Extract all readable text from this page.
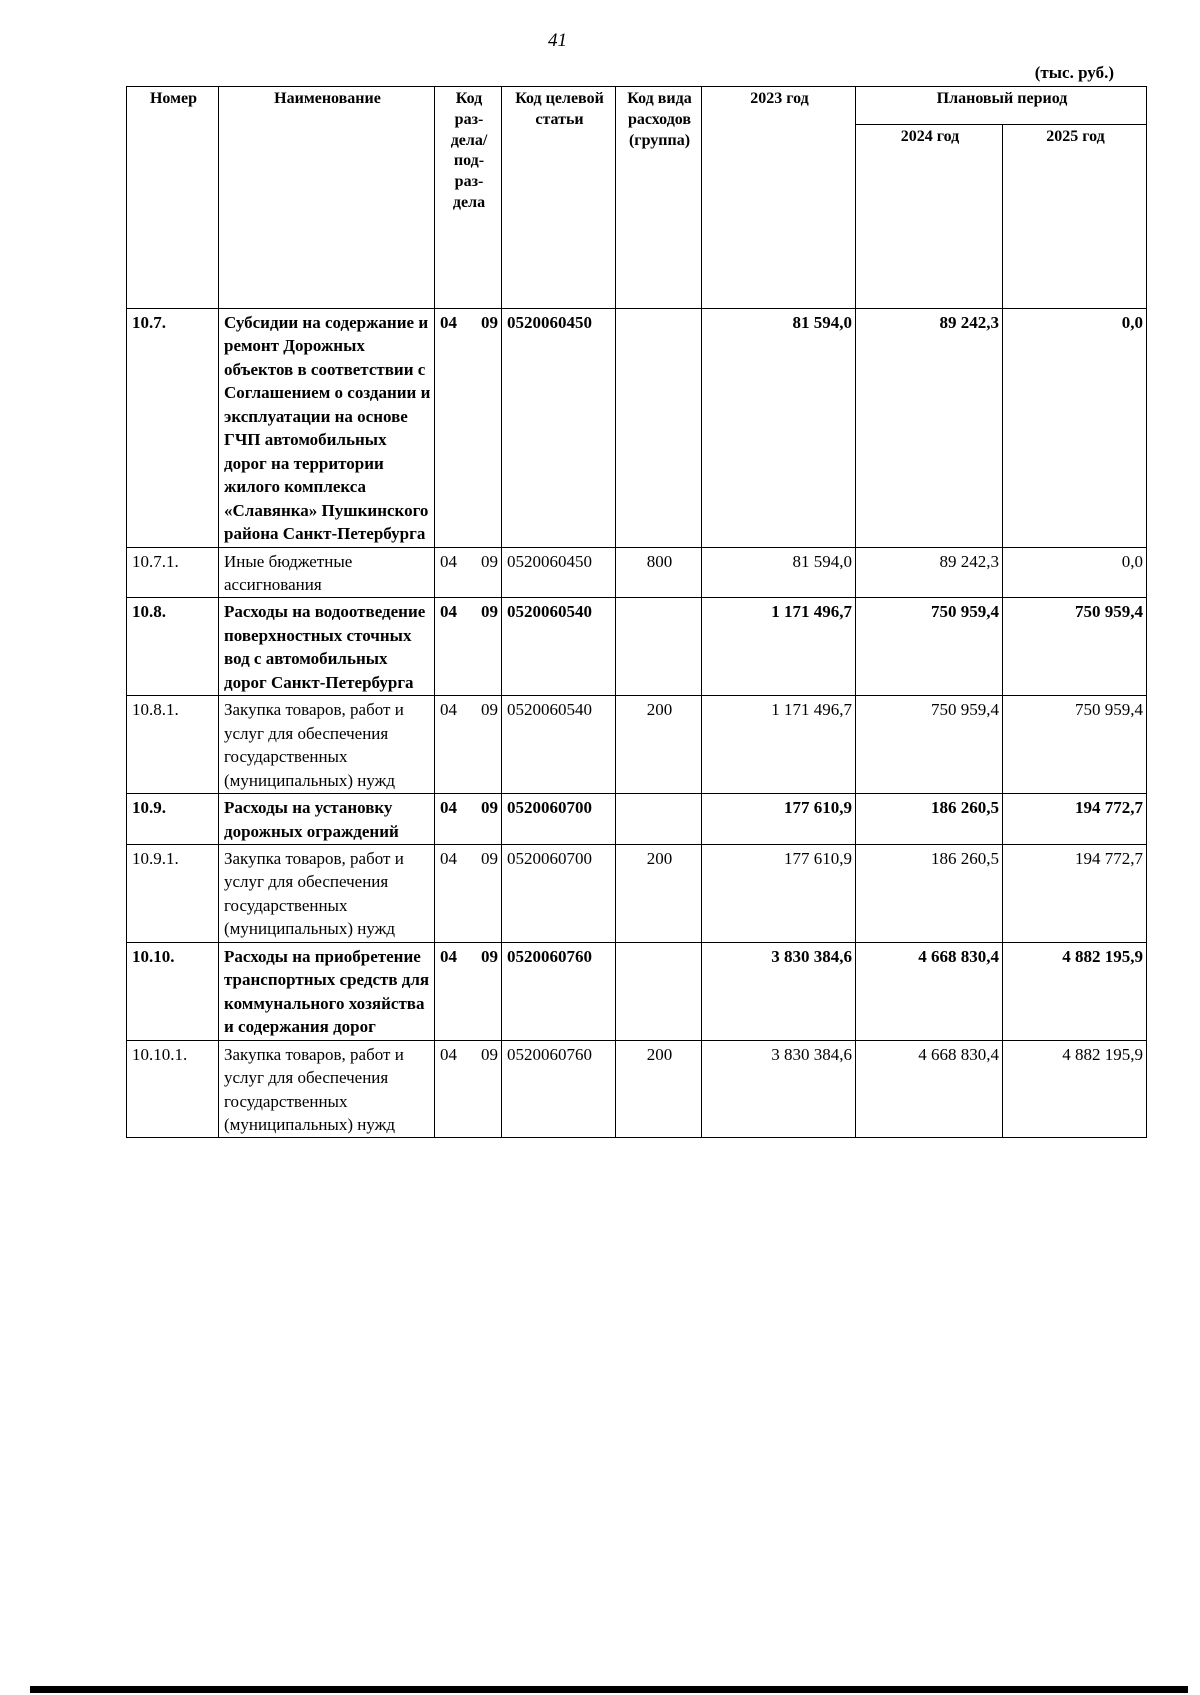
41
(тыс. руб.)
Номер	Наименование	Код раз-дела/ под-раз-дела	Код целевой статьи	Код вида расходов (группа)	2023 год	Плановый период	
						2024 год	2025 год
10.7.	Субсидии на содержание и ремонт Дорожных объектов в соответствии с Соглашением о создании и эксплуатации на основе ГЧП автомобильных дорог на территории жилого комплекса «Славянка» Пушкинского района Санкт-Петербурга	04 09	0520060450		81 594,0	89 242,3	0,0
10.7.1.	Иные бюджетные ассигнования	04 09	0520060450	800	81 594,0	89 242,3	0,0
10.8.	Расходы на водоотведение поверхностных сточных вод с автомобильных дорог Санкт-Петербурга	04 09	0520060540		1 171 496,7	750 959,4	750 959,4
10.8.1.	Закупка товаров, работ и услуг для обеспечения государственных (муниципальных) нужд	04 09	0520060540	200	1 171 496,7	750 959,4	750 959,4
10.9.	Расходы на установку дорожных ограждений	04 09	0520060700		177 610,9	186 260,5	194 772,7
10.9.1.	Закупка товаров, работ и услуг для обеспечения государственных (муниципальных) нужд	04 09	0520060700	200	177 610,9	186 260,5	194 772,7
10.10.	Расходы на приобретение транспортных средств для коммунального хозяйства и содержания дорог	04 09	0520060760		3 830 384,6	4 668 830,4	4 882 195,9
10.10.1.	Закупка товаров, работ и услуг для обеспечения государственных (муниципальных) нужд	04 09	0520060760	200	3 830 384,6	4 668 830,4	4 882 195,9
